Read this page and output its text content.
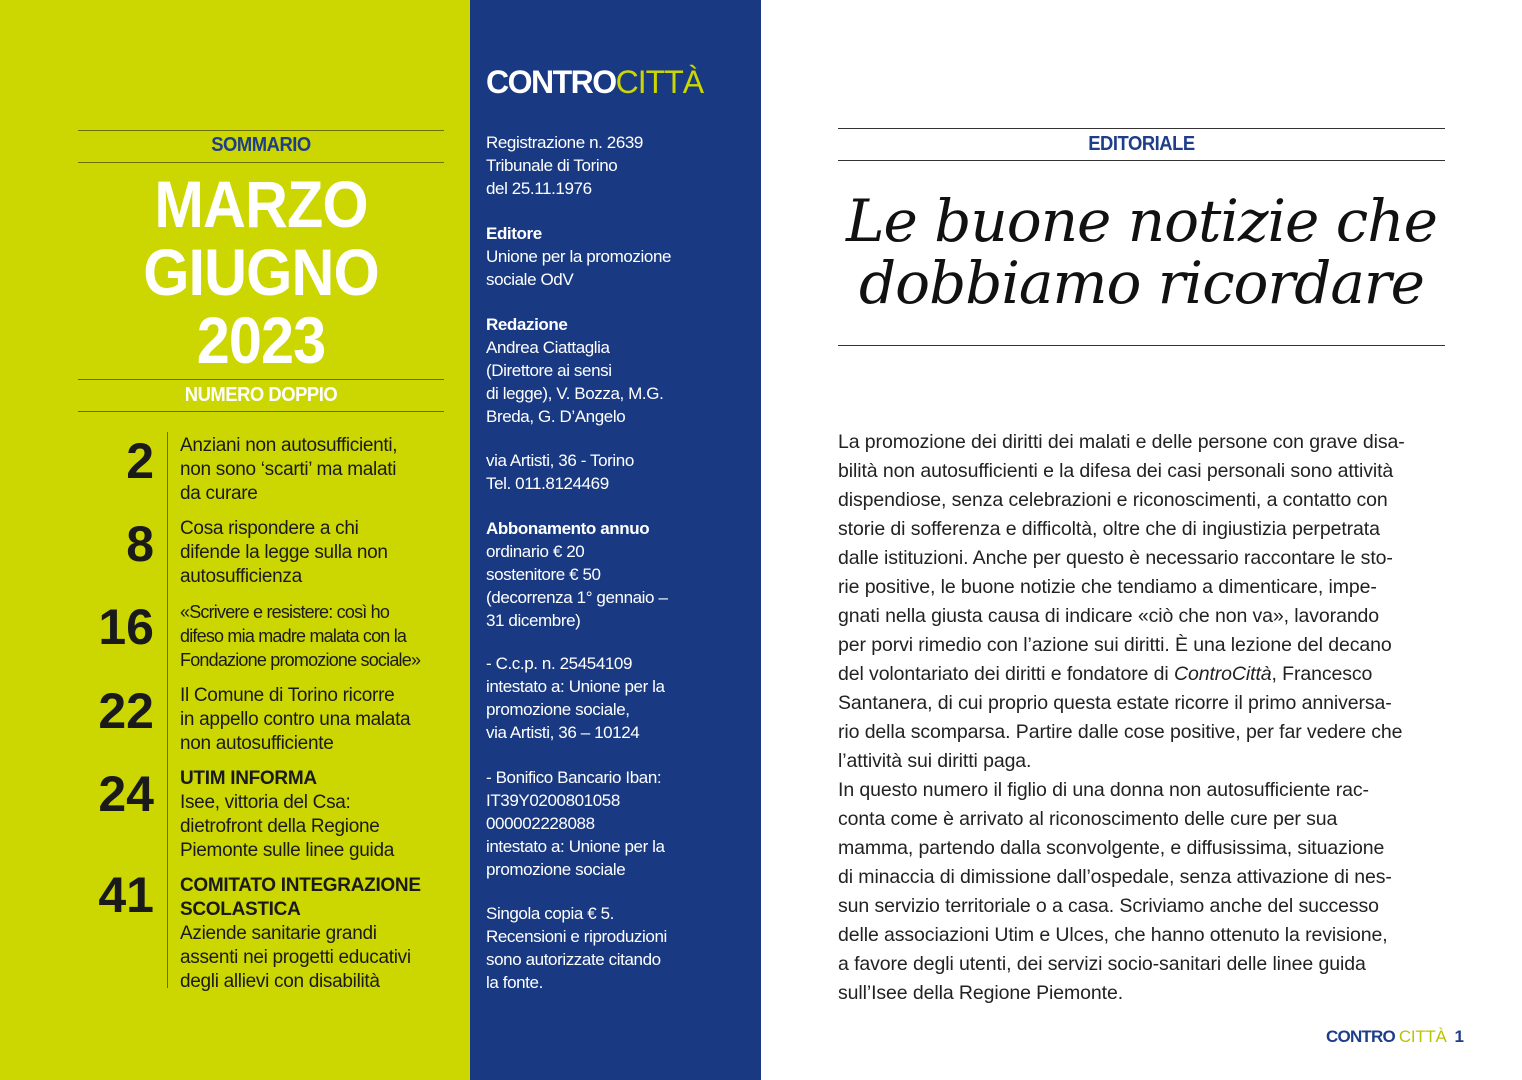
SOMMARIO
MARZO
GIUGNO
2023
NUMERO DOPPIO
2 Anziani non autosufficienti,
non sono ‘scarti’ ma malati
da curare
8 Cosa rispondere a chi
difende la legge sulla non
autosufficienza
16 «Scrivere e resistere: così ho
difeso mia madre malata con la
Fondazione promozione sociale»
22 Il Comune di Torino ricorre
in appello contro una malata
non autosufficiente
24 UTIM INFORMA
Isee, vittoria del Csa:
dietrofront della Regione
Piemonte sulle linee guida
41 COMITATO INTEGRAZIONE
SCOLASTICA
Aziende sanitarie grandi
assenti nei progetti educativi
degli allievi con disabilità
CONTROCITTÀ
Registrazione n. 2639
Tribunale di Torino
del 25.11.1976
Editore
Unione per la promozione
sociale OdV
Redazione
Andrea Ciattaglia
(Direttore ai sensi
di legge), V. Bozza, M.G.
Breda, G. D’Angelo
via Artisti, 36 - Torino
Tel. 011.8124469
Abbonamento annuo
ordinario € 20
sostenitore € 50
(decorrenza 1° gennaio –
31 dicembre)
- C.c.p. n. 25454109
intestato a: Unione per la
promozione sociale,
via Artisti, 36 – 10124
- Bonifico Bancario Iban:
IT39Y0200801058
000002228088
intestato a: Unione per la
promozione sociale
Singola copia € 5.
Recensioni e riproduzioni
sono autorizzate citando
la fonte.
EDITORIALE
Le buone notizie che
dobbiamo ricordare
La promozione dei diritti dei malati e delle persone con grave disa-
bilità non autosufficienti e la difesa dei casi personali sono attività
dispendiose, senza celebrazioni e riconoscimenti, a contatto con
storie di sofferenza e difficoltà, oltre che di ingiustizia perpetrata
dalle istituzioni. Anche per questo è necessario raccontare le sto-
rie positive, le buone notizie che tendiamo a dimenticare, impe-
gnati nella giusta causa di indicare «ciò che non va», lavorando
per porvi rimedio con l’azione sui diritti. È una lezione del decano
del volontariato dei diritti e fondatore di ControCittà, Francesco
Santanera, di cui proprio questa estate ricorre il primo anniversa-
rio della scomparsa. Partire dalle cose positive, per far vedere che
l’attività sui diritti paga.
In questo numero il figlio di una donna non autosufficiente rac-
conta come è arrivato al riconoscimento delle cure per sua
mamma, partendo dalla sconvolgente, e diffusissima, situazione
di minaccia di dimissione dall’ospedale, senza attivazione di nes-
sun servizio territoriale o a casa. Scriviamo anche del successo
delle associazioni Utim e Ulces, che hanno ottenuto la revisione,
a favore degli utenti, dei servizi socio-sanitari delle linee guida
sull’Isee della Regione Piemonte.
CONTRO CITTÀ 1
